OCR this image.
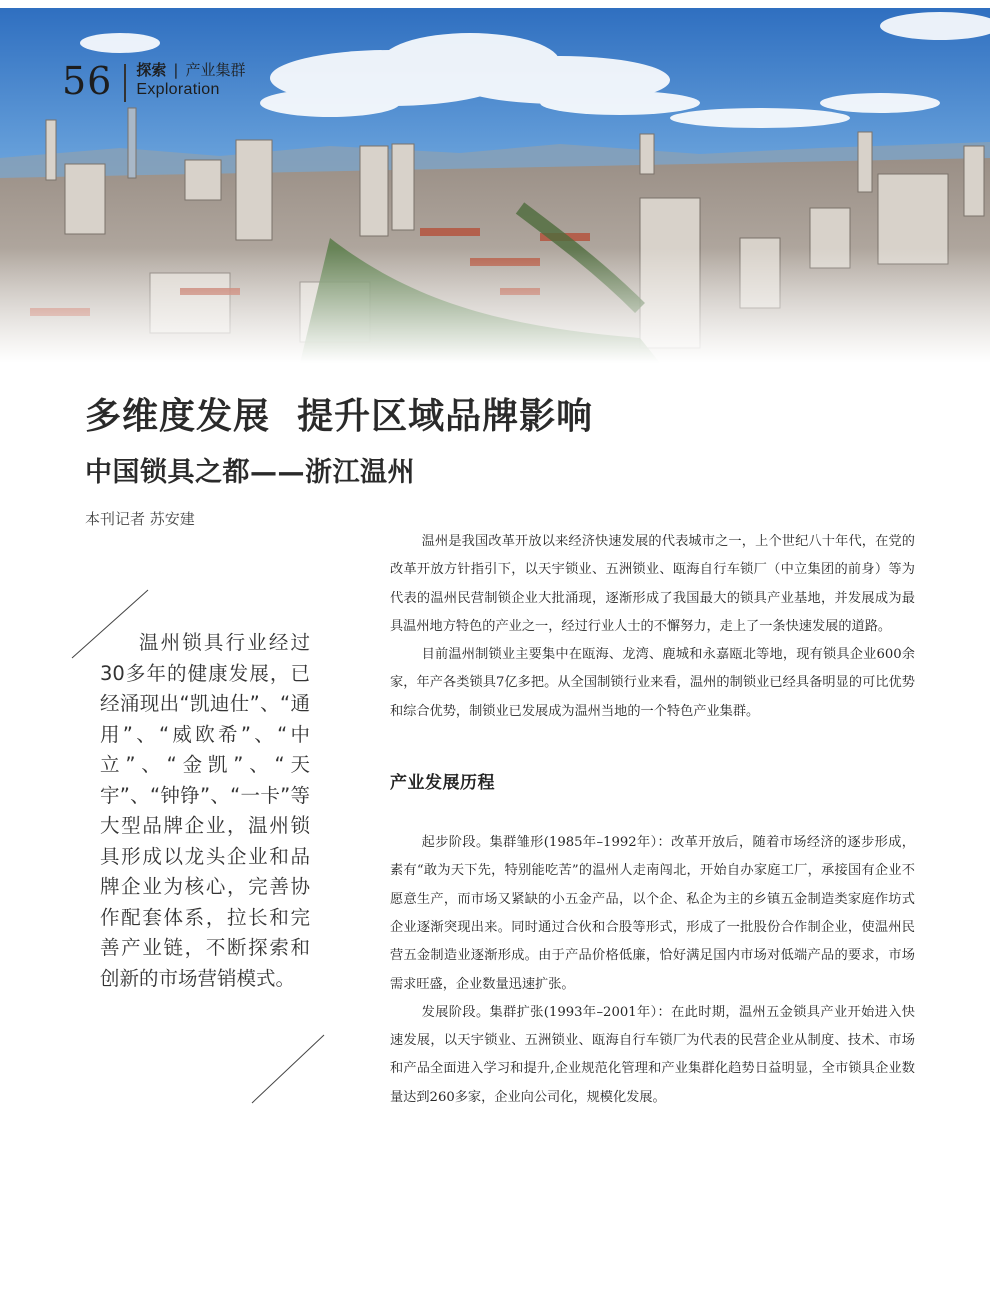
56 探索 | 产业集群
Exploration
多维度发展 提升区域品牌影响
中国锁具之都——浙江温州
本刊记者 苏安建

温州锁具行业经过30多年的健康发展，已经涌现出“凯迪仕”、“通用”、“威欧希”、“中立”、“金凯”、“天宇”、“钟铮”、“一卡”等大型品牌企业，温州锁具形成以龙头企业和品牌企业为核心，完善协作配套体系，拉长和完善产业链，不断探索和创新的市场营销模式。

温州是我国改革开放以来经济快速发展的代表城市之一，上个世纪八十年代，在党的改革开放方针指引下，以天宇锁业、五洲锁业、瓯海自行车锁厂（中立集团的前身）等为代表的温州民营制锁企业大批涌现，逐渐形成了我国最大的锁具产业基地，并发展成为最具温州地方特色的产业之一，经过行业人士的不懈努力，走上了一条快速发展的道路。

目前温州制锁业主要集中在瓯海、龙湾、鹿城和永嘉瓯北等地，现有锁具企业600余家，年产各类锁具7亿多把。从全国制锁行业来看，温州的制锁业已经具备明显的可比优势和综合优势，制锁业已发展成为温州当地的一个特色产业集群。

产业发展历程

起步阶段。集群雏形(1985年–1992年）：改革开放后，随着市场经济的逐步形成，素有“敢为天下先，特别能吃苦”的温州人走南闯北，开始自办家庭工厂，承接国有企业不愿意生产，而市场又紧缺的小五金产品，以个企、私企为主的乡镇五金制造类家庭作坊式企业逐渐突现出来。同时通过合伙和合股等形式，形成了一批股份合作制企业，使温州民营五金制造业逐渐形成。由于产品价格低廉，恰好满足国内市场对低端产品的要求，市场需求旺盛，企业数量迅速扩张。

发展阶段。集群扩张(1993年–2001年）：在此时期，温州五金锁具产业开始进入快速发展，以天宇锁业、五洲锁业、瓯海自行车锁厂为代表的民营企业从制度、技术、市场和产品全面进入学习和提升,企业规范化管理和产业集群化趋势日益明显，全市锁具企业数量达到260多家，企业向公司化，规模化发展。
